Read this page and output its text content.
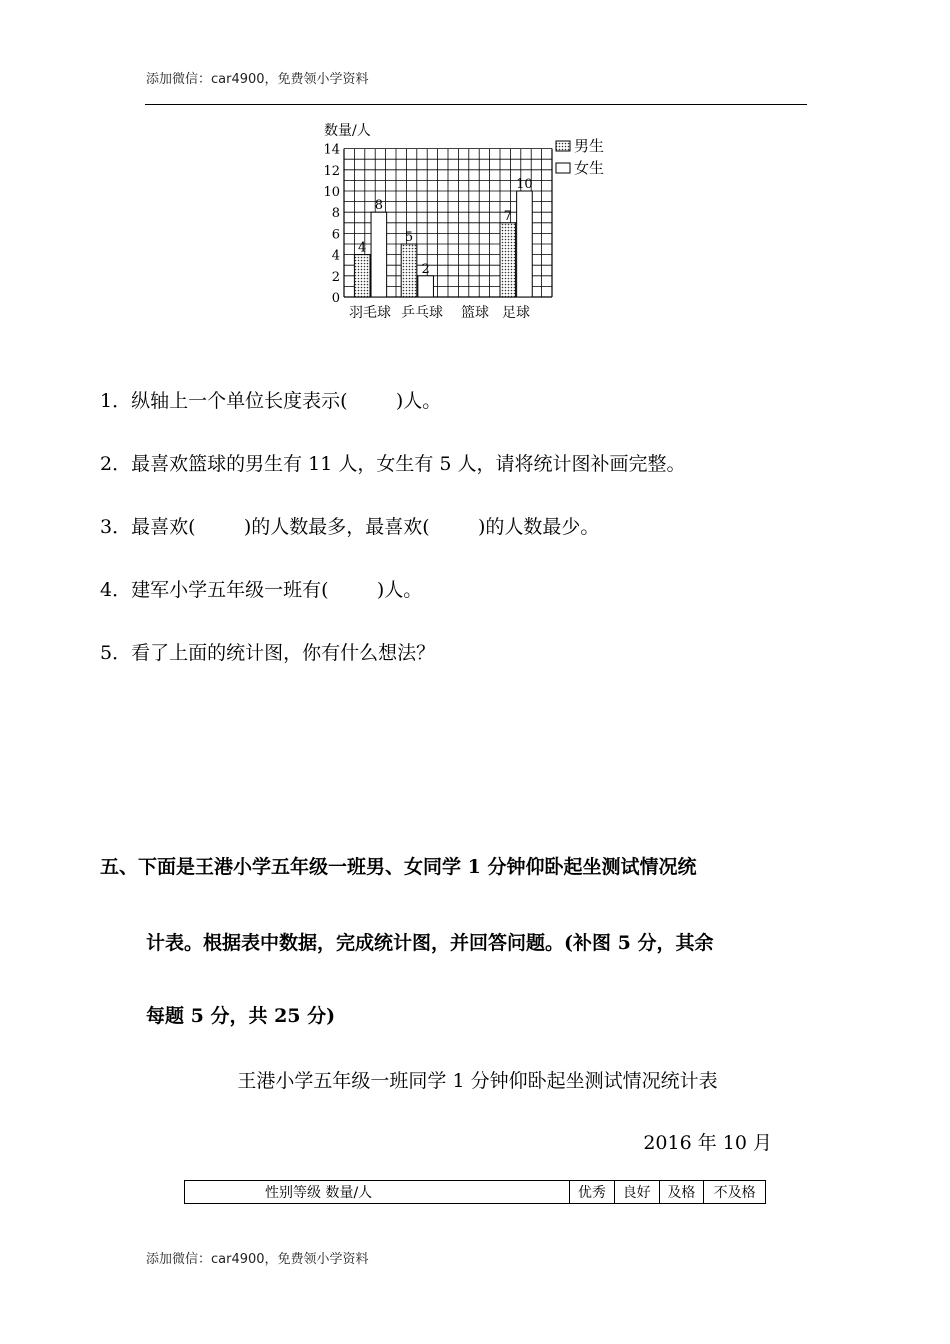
添加微信：car4900，免费领小学资料
0
2
4
6
8
10
12
14
数量/人
4
8
5
2
7
10
羽毛球 乒乓球 篮球 足球
男生
女生
1．纵轴上一个单位长度表示(        )人。
2．最喜欢篮球的男生有 11 人，女生有 5 人，请将统计图补画完整。
3．最喜欢(        )的人数最多，最喜欢(        )的人数最少。
4．建军小学五年级一班有(        )人。
5．看了上面的统计图，你有什么想法？
五、下面是王港小学五年级一班男、女同学 1 分钟仰卧起坐测试情况统
计表。根据表中数据，完成统计图，并回答问题。(补图 5 分，其余
每题 5 分，共 25 分)
王港小学五年级一班同学 1 分钟仰卧起坐测试情况统计表
2016 年 10 月
性别等级 数量/人	优秀	良好	及格	不及格
添加微信：car4900，免费领小学资料
